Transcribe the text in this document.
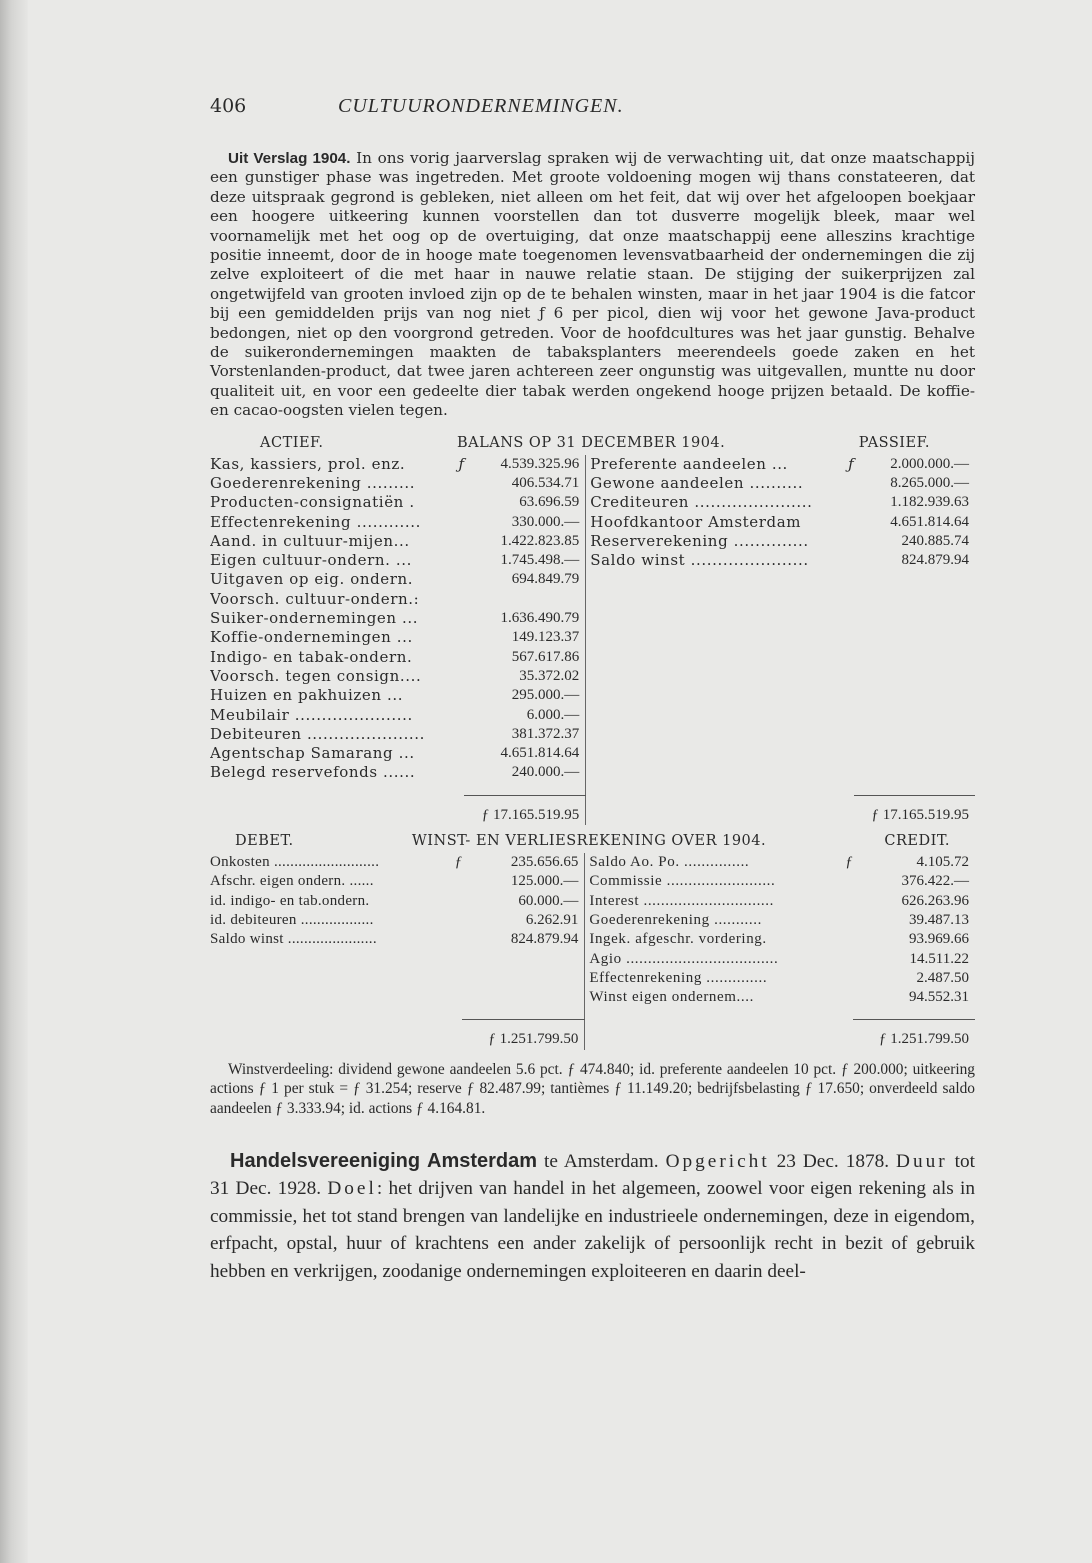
406	CULTUURONDERNEMINGEN.

Uit Verslag 1904. In ons vorig jaarverslag spraken wij de verwachting uit, dat onze maatschappij een gunstiger phase was ingetreden. Met groote voldoening mogen wij thans constateeren, dat deze uitspraak gegrond is gebleken, niet alleen om het feit, dat wij over het afgeloopen boekjaar een hoogere uitkeering kunnen voorstellen dan tot dusverre mogelijk bleek, maar wel voornamelijk met het oog op de overtuiging, dat onze maatschappij eene alleszins krachtige positie inneemt, door de in hooge mate toegenomen levensvatbaarheid der ondernemingen die zij zelve exploiteert of die met haar in nauwe relatie staan. De stijging der suikerprijzen zal ongetwijfeld van grooten invloed zijn op de te behalen winsten, maar in het jaar 1904 is die fatcor bij een gemiddelden prijs van nog niet ƒ 6 per picol, dien wij voor het gewone Java-product bedongen, niet op den voorgrond getreden. Voor de hoofdcultures was het jaar gunstig. Behalve de suikerondernemingen maakten de tabaksplanters meerendeels goede zaken en het Vorstenlanden-product, dat twee jaren achtereen zeer ongunstig was uitgevallen, muntte nu door qualiteit uit, en voor een gedeelte dier tabak werden ongekend hooge prijzen betaald. De koffie- en cacao-oogsten vielen tegen.

ACTIEF.	BALANS OP 31 DECEMBER 1904.	PASSIEF.
Kas, kassiers, prol. enz.	ƒ	4.539.325.96	Preferente aandeelen ...	ƒ	2.000.000.—
Goederenrekening .........		406.534.71	Gewone aandeelen ..........		8.265.000.—
Producten-consignatiën .		63.696.59	Crediteuren ......................		1.182.939.63
Effectenrekening ............		330.000.—	Hoofdkantoor Amsterdam		4.651.814.64
Aand. in cultuur-mijen...		1.422.823.85	Reserverekening ..............		240.885.74
Eigen cultuur-ondern. ...		1.745.498.—	Saldo winst ......................		824.879.94
Uitgaven op eig. ondern.		694.849.79			
Voorsch. cultuur-ondern.:					
Suiker-ondernemingen ...		1.636.490.79			
Koffie-ondernemingen ...		149.123.37			
Indigo- en tabak-ondern.		567.617.86			
Voorsch. tegen consign....		35.372.02			
Huizen en pakhuizen ...		295.000.—			
Meubilair ......................		6.000.—			
Debiteuren ......................		381.372.37			
Agentschap Samarang ...		4.651.814.64			
Belegd reservefonds ......		240.000.—			

		ƒ 17.165.519.95			ƒ 17.165.519.95
DEBET.	WINST- EN VERLIESREKENING OVER 1904.	CREDIT.
Onkosten ..........................	ƒ	235.656.65	Saldo Ao. Po. ...............	ƒ	4.105.72
Afschr. eigen ondern. ......		125.000.—	Commissie .........................		376.422.—
id. indigo- en tab.ondern.		60.000.—	Interest ..............................		626.263.96
id. debiteuren ..................		6.262.91	Goederenrekening ...........		39.487.13
Saldo winst ......................		824.879.94	Ingek. afgeschr. vordering.		93.969.66
			Agio ...................................		14.511.22
			Effectenrekening ..............		2.487.50
			Winst eigen ondernem....		94.552.31

		ƒ 1.251.799.50			ƒ 1.251.799.50

Winstverdeeling: dividend gewone aandeelen 5.6 pct. ƒ 474.840; id. preferente aandeelen 10 pct. ƒ 200.000; uitkeering actions ƒ 1 per stuk = ƒ 31.254; reserve ƒ 82.487.99; tantièmes ƒ 11.149.20; bedrijfsbelasting ƒ 17.650; onverdeeld saldo aandeelen ƒ 3.333.94; id. actions ƒ 4.164.81.

Handelsvereeniging Amsterdam te Amsterdam. Opgericht 23 Dec. 1878. Duur tot 31 Dec. 1928. Doel: het drijven van handel in het algemeen, zoowel voor eigen rekening als in commissie, het tot stand brengen van landelijke en industrieele ondernemingen, deze in eigendom, erfpacht, opstal, huur of krachtens een ander zakelijk of persoonlijk recht in bezit of gebruik hebben en verkrijgen, zoodanige ondernemingen exploiteeren en daarin deel-
